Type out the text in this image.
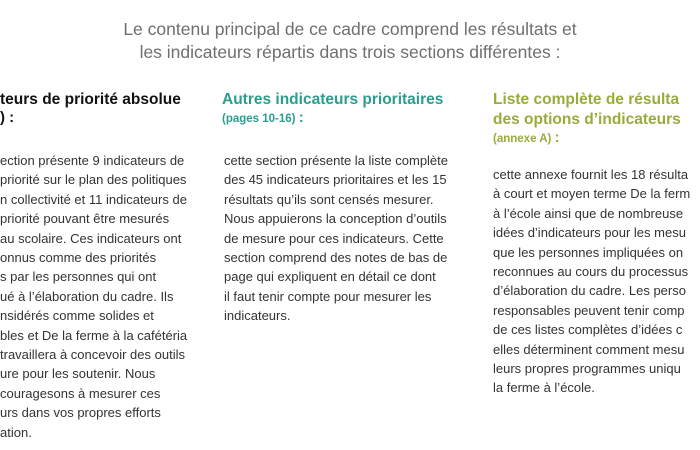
Le contenu principal de ce cadre comprend les résultats et
les indicateurs répartis dans trois sections différentes :
teurs de priorité absolue
) :
ection présente 9 indicateurs de
priorité sur le plan des politiques
n collectivité et 11 indicateurs de
priorité pouvant être mesurés
au scolaire. Ces indicateurs ont
onnus comme des priorités
s par les personnes qui ont
ué à l’élaboration du cadre. Ils
nsidérés comme solides et
bles et De la ferme à la cafétéria
travaillera à concevoir des outils
ure pour les soutenir. Nous
couragesons à mesurer ces
urs dans vos propres efforts
ation.
Autres indicateurs prioritaires
(pages 10-16) :
cette section présente la liste complète
des 45 indicateurs prioritaires et les 15
résultats qu’ils sont censés mesurer.
Nous appuierons la conception d’outils
de mesure pour ces indicateurs. Cette
section comprend des notes de bas de
page qui expliquent en détail ce dont
il faut tenir compte pour mesurer les
indicateurs.
Liste complète de résulta
des options d’indicateurs
(annexe A) :
cette annexe fournit les 18 résulta
à court et moyen terme De la ferm
à l’école ainsi que de nombreuse
idées d’indicateurs pour les mesu
que les personnes impliquées on
reconnues au cours du processus
d’élaboration du cadre. Les perso
responsables peuvent tenir comp
de ces listes complètes d’idées c
elles déterminent comment mesu
leurs propres programmes uniqu
la ferme à l’école.
